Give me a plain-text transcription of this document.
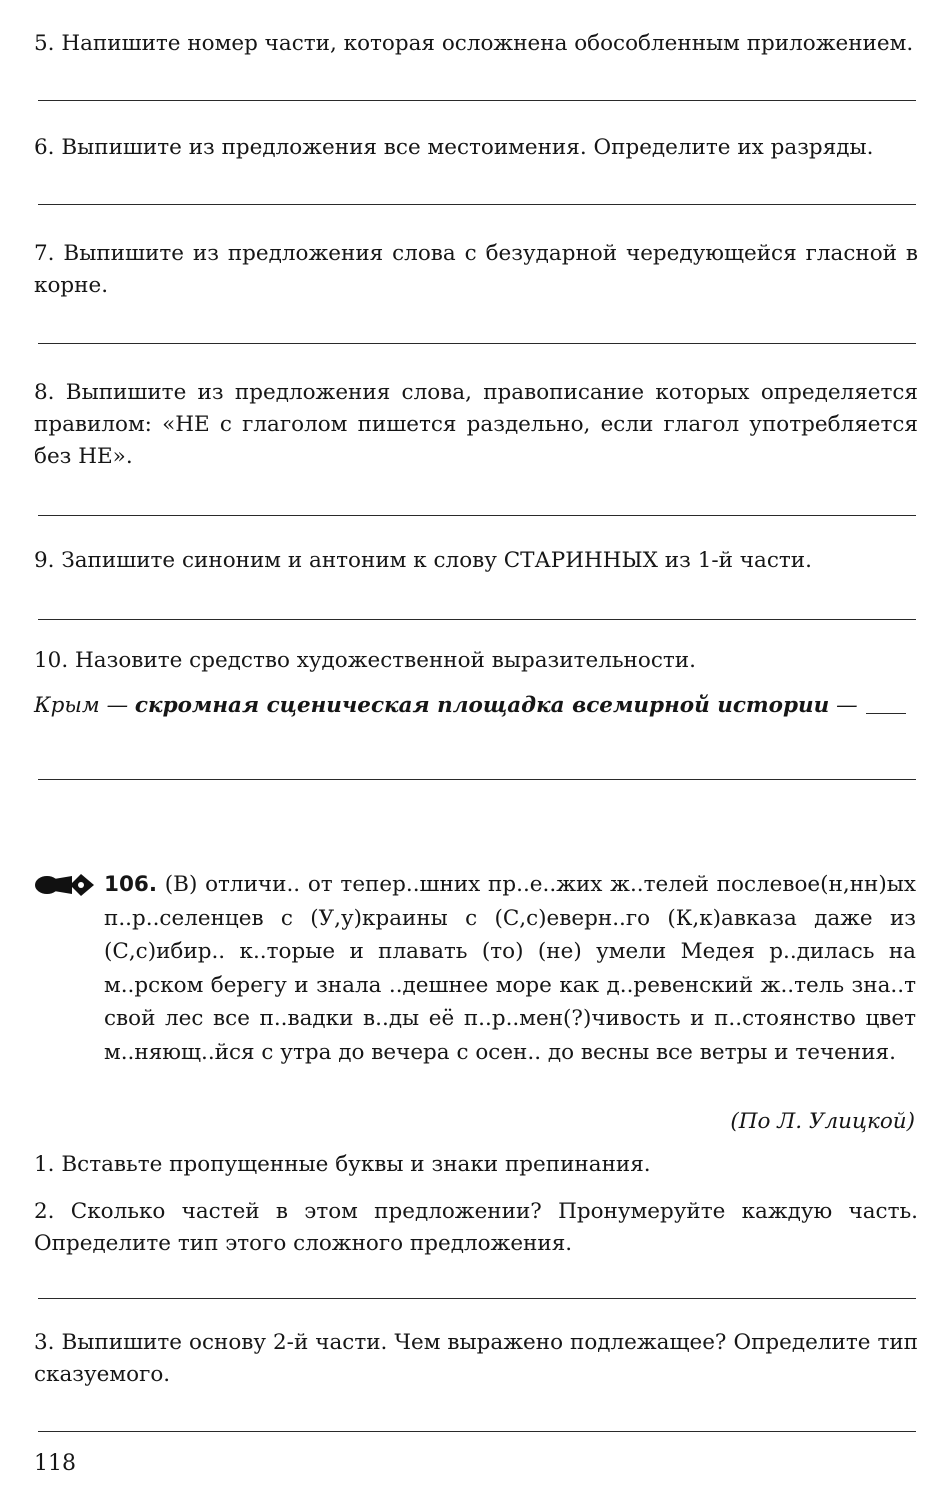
5. Напишите номер части, которая осложнена обособленным приложением.

6. Выпишите из предложения все местоимения. Определите их разряды.

7. Выпишите из предложения слова с безударной чередующейся гласной в корне.

8. Выпишите из предложения слова, правописание которых определяется правилом: «НЕ с глаголом пишется раздельно, если глагол употребляется без НЕ».

9. Запишите синоним и антоним к слову СТАРИННЫХ из 1-й части.

10. Назовите средство художественной выразительности.

Крым — скромная сценическая площадка всемирной истории —

106. (В) отличи.. от тепер..шних пр..е..жих ж..телей послевое(н,нн)ых п..р..селенцев с (У,у)краины с (С,с)еверн..го (К,к)авказа даже из (С,с)ибир.. к..торые и плавать (то) (не) умели Медея р..дилась на м..рском берегу и знала ..дешнее море как д..ревенский ж..тель зна..т свой лес все п..вадки в..ды её п..р..мен(?)чивость и п..стоянство цвет м..няющ..йся с утра до вечера с осен.. до весны все ветры и течения.

(По Л. Улицкой)

1. Вставьте пропущенные буквы и знаки препинания.

2. Сколько частей в этом предложении? Пронумеруйте каждую часть. Определите тип этого сложного предложения.

3. Выпишите основу 2-й части. Чем выражено подлежащее? Определите тип сказуемого.

118
